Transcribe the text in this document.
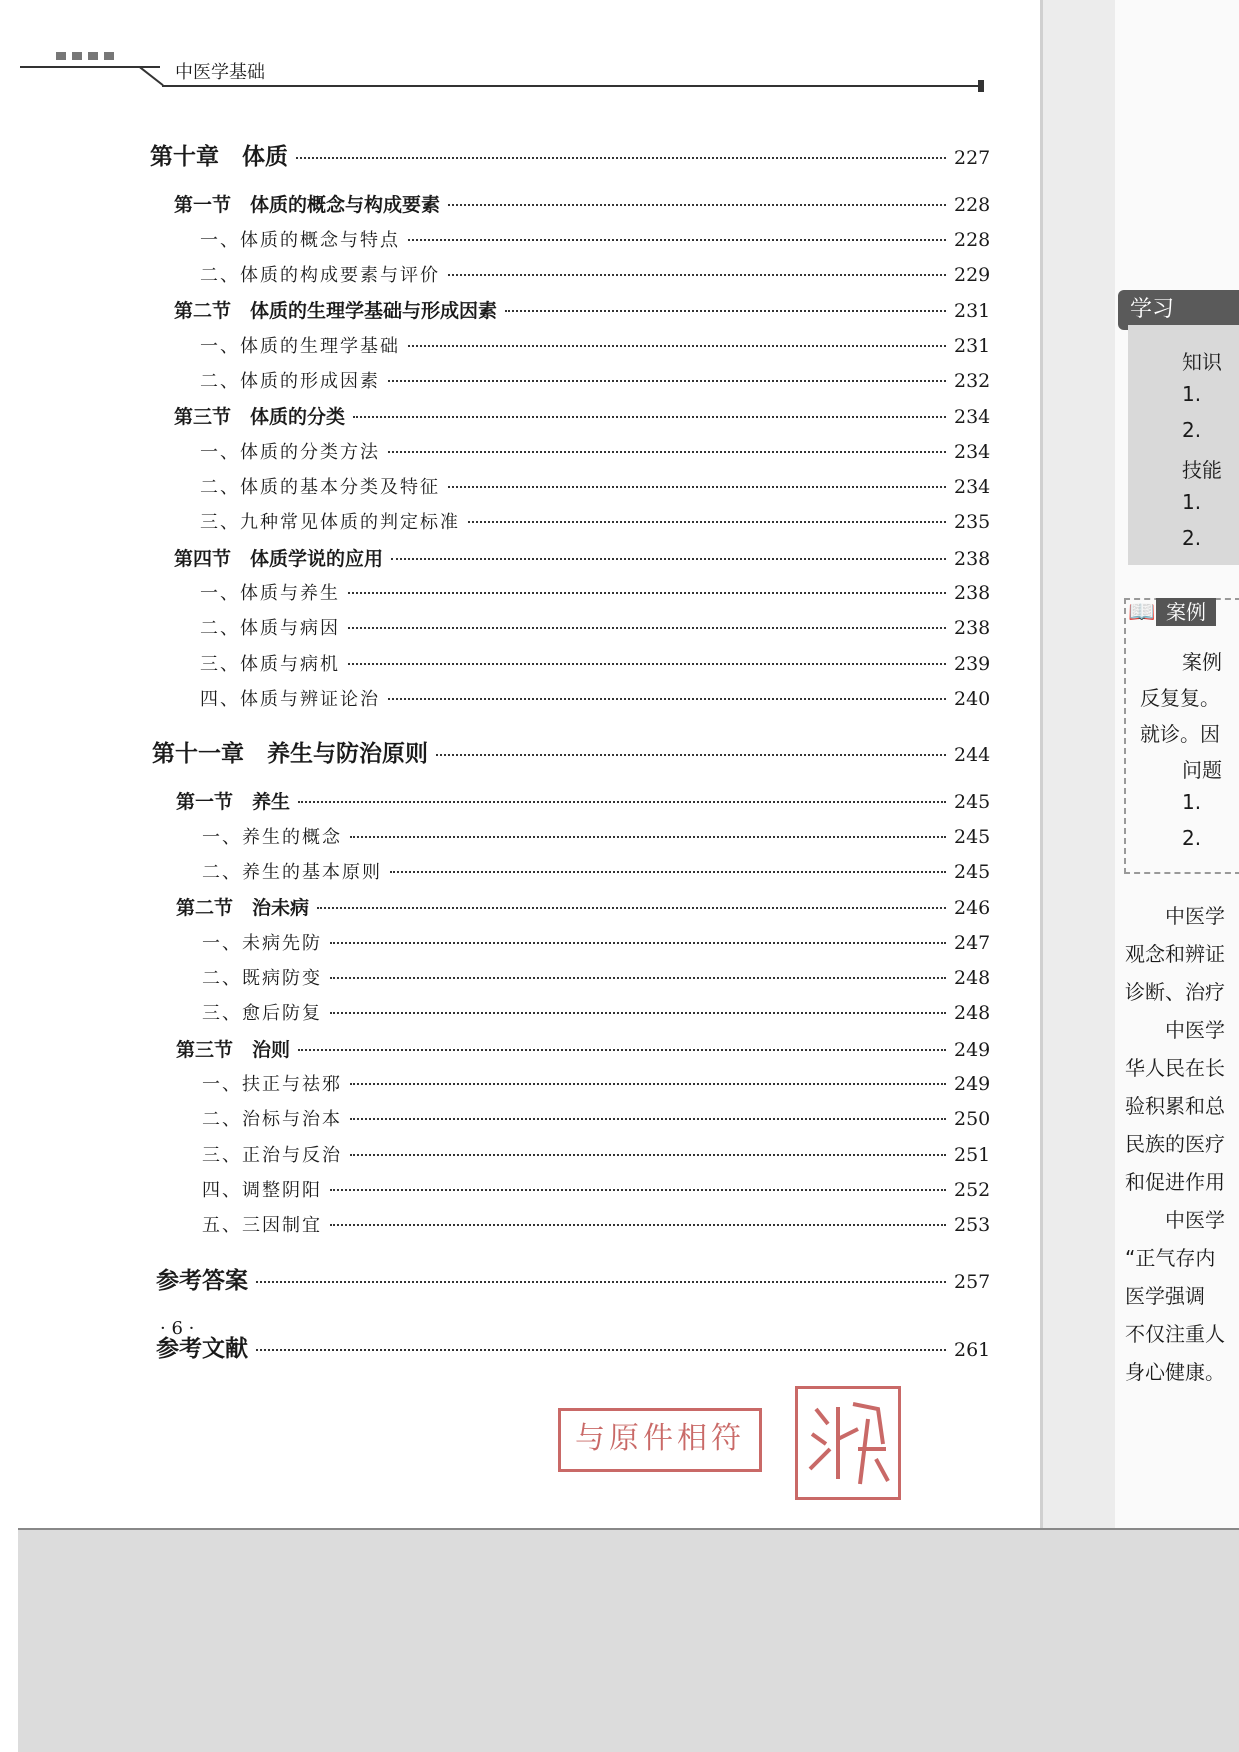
学习
📖 案例
知识
1.
2.
技能
1.
2.
案例
反复复。
就诊。因
问题
1.
2.
中医学
观念和辨证
诊断、治疗
中医学
华人民在长
验积累和总
民族的医疗
和促进作用
中医学
“正气存内
医学强调
不仅注重人
身心健康。
中医学基础
第十章　体质	227
第一节　体质的概念与构成要素	228
一、体质的概念与特点	228
二、体质的构成要素与评价	229
第二节　体质的生理学基础与形成因素	231
一、体质的生理学基础	231
二、体质的形成因素	232
第三节　体质的分类	234
一、体质的分类方法	234
二、体质的基本分类及特征	234
三、九种常见体质的判定标准	235
第四节　体质学说的应用	238
一、体质与养生	238
二、体质与病因	238
三、体质与病机	239
四、体质与辨证论治	240
第十一章　养生与防治原则	244
第一节　养生	245
一、养生的概念	245
二、养生的基本原则	245
第二节　治未病	246
一、未病先防	247
二、既病防变	248
三、愈后防复	248
第三节　治则	249
一、扶正与祛邪	249
二、治标与治本	250
三、正治与反治	251
四、调整阴阳	252
五、三因制宜	253
参考答案	257
参考文献	261
· 6 ·
与原件相符
